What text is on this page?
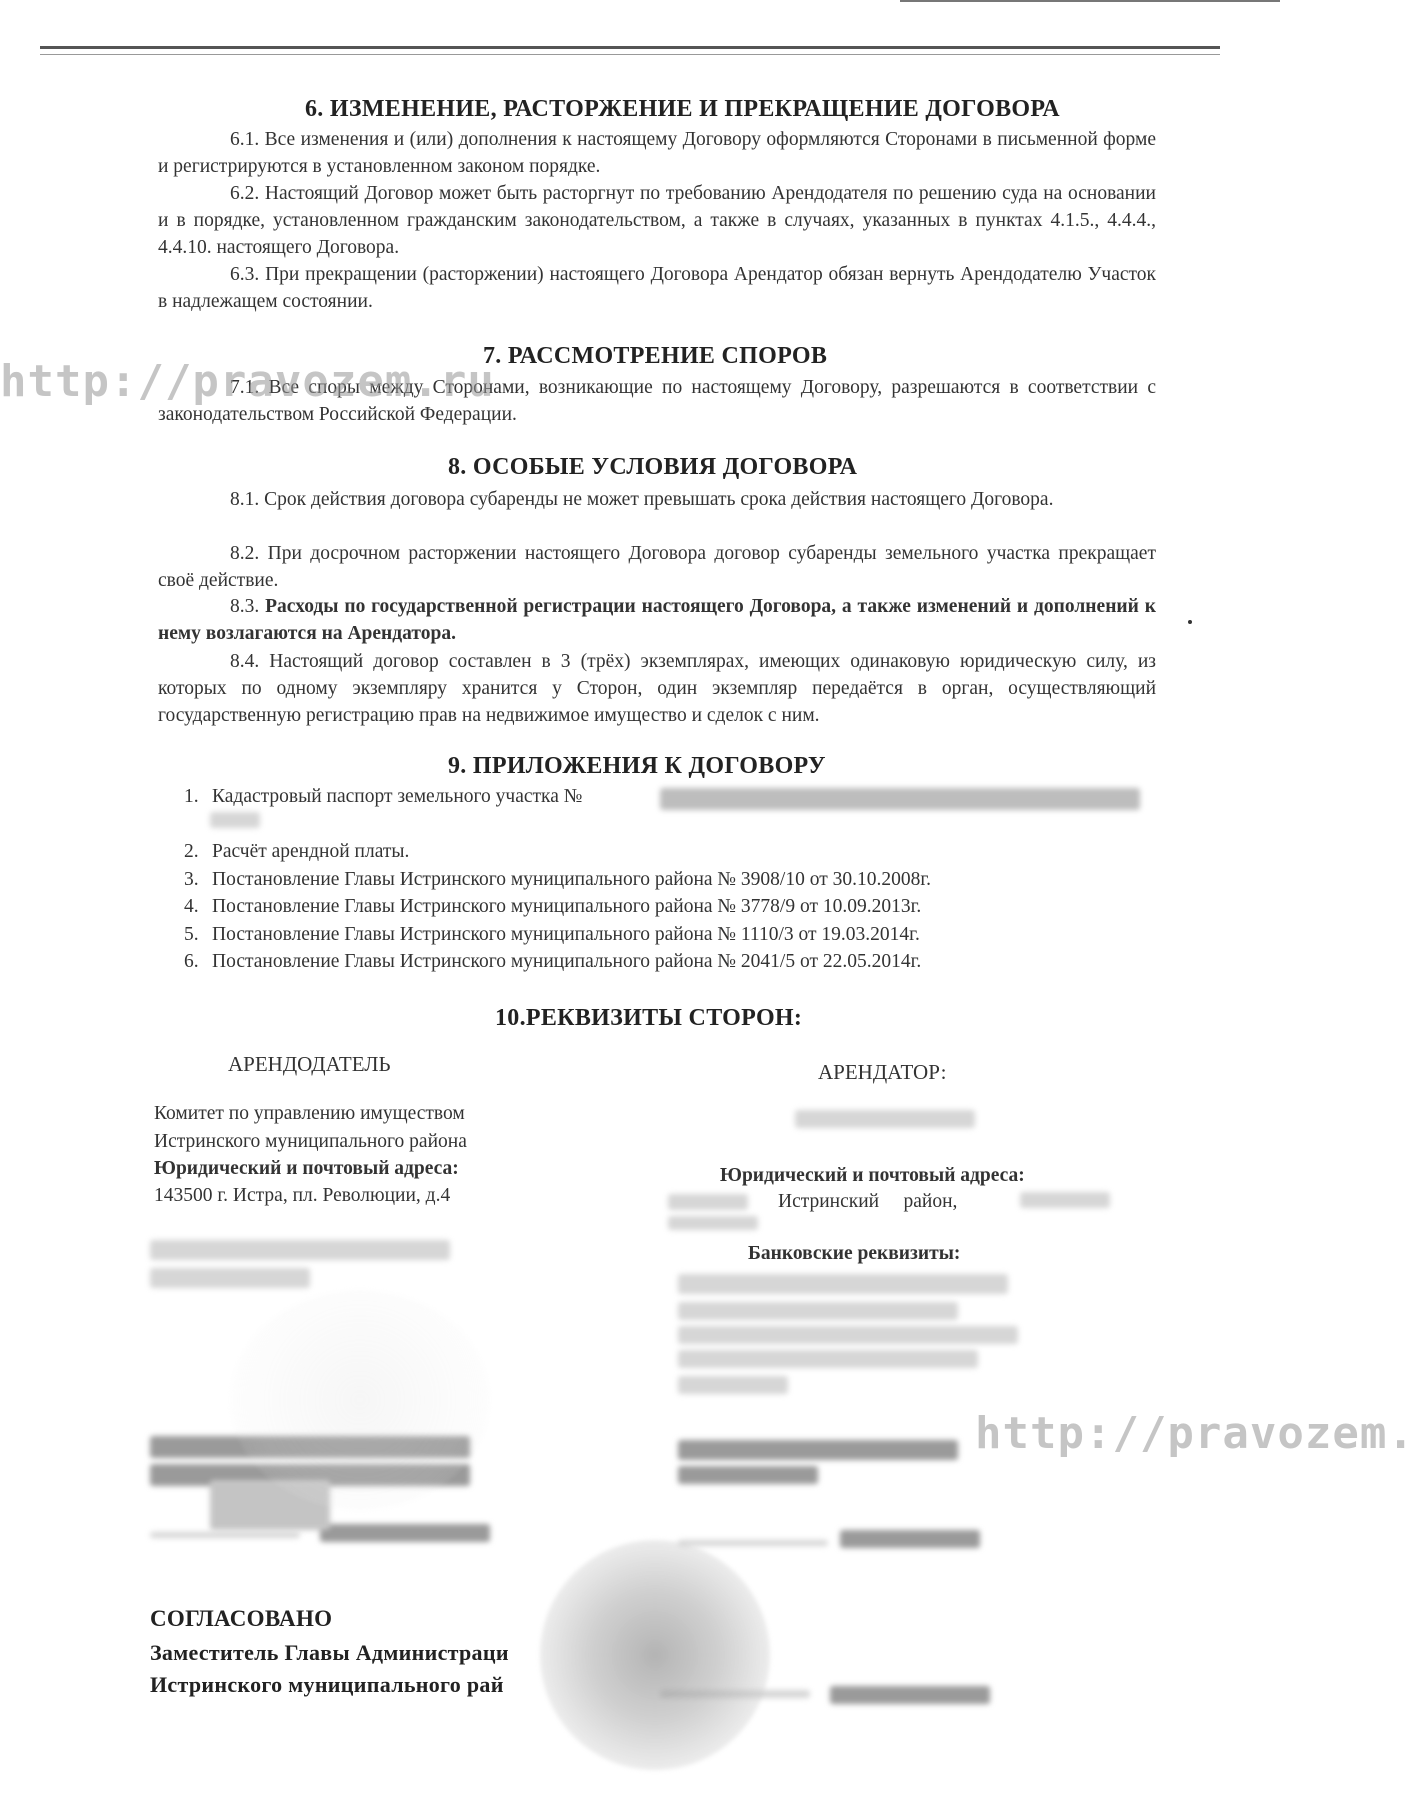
6. ИЗМЕНЕНИЕ, РАСТОРЖЕНИЕ И ПРЕКРАЩЕНИЕ ДОГОВОРА
6.1. Все изменения и (или) дополнения к настоящему Договору оформляются Сторонами в письменной форме и регистрируются в установленном законом порядке.
6.2. Настоящий Договор может быть расторгнут по требованию Арендодателя по решению суда на основании и в порядке, установленном гражданским законодательством, а также в случаях, указанных в пунктах 4.1.5., 4.4.4., 4.4.10. настоящего Договора.
6.3. При прекращении (расторжении) настоящего Договора Арендатор обязан вернуть Арендодателю Участок в надлежащем состоянии.
7. РАССМОТРЕНИЕ СПОРОВ
7.1. Все споры между Сторонами, возникающие по настоящему Договору, разрешаются в соответствии с законодательством Российской Федерации.
8. ОСОБЫЕ УСЛОВИЯ ДОГОВОРА
8.1. Срок действия договора субаренды не может превышать срока действия настоящего Договора.
8.2. При досрочном расторжении настоящего Договора договор субаренды земельного участка прекращает своё действие.
8.3. Расходы по государственной регистрации настоящего Договора, а также изменений и дополнений к нему возлагаются на Арендатора.
8.4. Настоящий договор составлен в 3 (трёх) экземплярах, имеющих одинаковую юридическую силу, из которых по одному экземпляру хранится у Сторон, один экземпляр передаётся в орган, осуществляющий государственную регистрацию прав на недвижимое имущество и сделок с ним.
9. ПРИЛОЖЕНИЯ К ДОГОВОРУ
1. Кадастровый паспорт земельного участка №
2. Расчёт арендной платы.
3. Постановление Главы Истринского муниципального района № 3908/10 от 30.10.2008г.
4. Постановление Главы Истринского муниципального района № 3778/9 от 10.09.2013г.
5. Постановление Главы Истринского муниципального района № 1110/3 от 19.03.2014г.
6. Постановление Главы Истринского муниципального района № 2041/5 от 22.05.2014г.
10.РЕКВИЗИТЫ СТОРОН:
АРЕНДОДАТЕЛЬ
Комитет по управлению имуществом
Истринского муниципального района
Юридический и почтовый адреса:
143500 г. Истра, пл. Революции, д.4
АРЕНДАТОР:
Юридический и почтовый адреса:
Истринский район,
Банковские реквизиты:
СОГЛАСОВАНО
Заместитель Главы Администраци
Истринского муниципального рай
http://pravozem.ru
http://pravozem.
